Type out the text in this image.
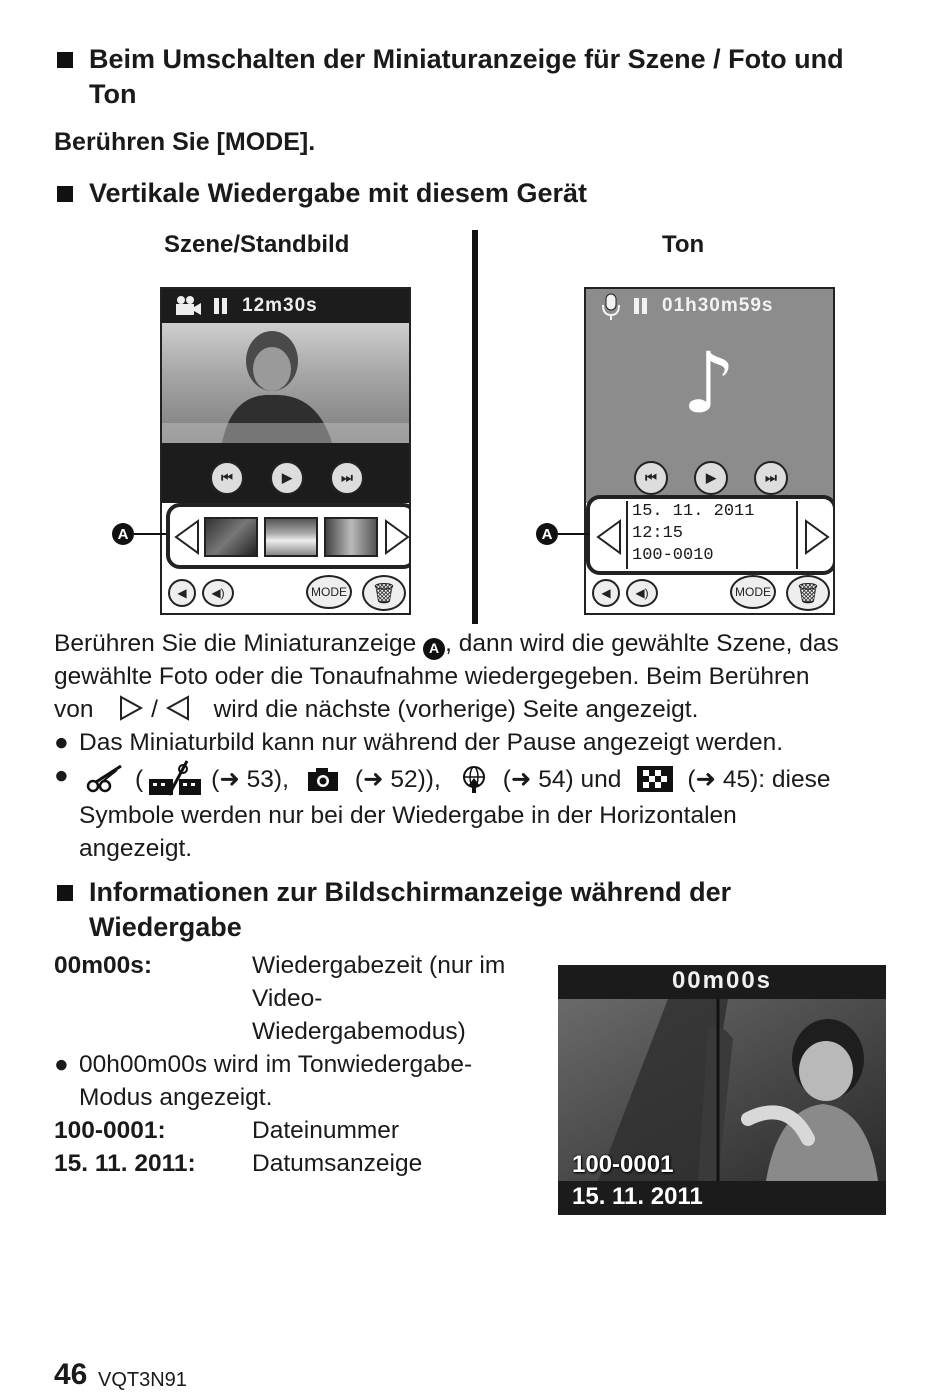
Beim Umschalten der Miniaturanzeige für Szene / Foto und
Ton
Berühren Sie [MODE].
Vertikale Wiedergabe mit diesem Gerät
Szene/Standbild	Ton
12m30s
⏮	▶	⏭
◀	◀)	MODE	🗑
A
01h30m59s
♪
⏮	▶	⏭
15. 11. 2011
12:15
100-0010
◀	◀)	MODE	🗑
A
Berühren Sie die Miniaturanzeige A , dann wird die gewählte Szene, das
gewählte Foto oder die Tonaufnahme wiedergegeben. Beim Berühren
von / wird die nächste (vorherige) Seite angezeigt.
● Das Miniaturbild kann nur während der Pause angezeigt werden.
●	(	(➜ 53),	(➜ 52)),	(➜ 54) und	(➜ 45): diese
Symbole werden nur bei der Wiedergabe in der Horizontalen
angezeigt.
Informationen zur Bildschirmanzeige während der
Wiedergabe
00m00s:	Wiedergabezeit (nur im
Video-
Wiedergabemodus)
● 00h00m00s wird im Tonwiedergabe-
Modus angezeigt.
100-0001:	Dateinummer
15. 11. 2011: Datumsanzeige
00m00s
100-0001
15. 11. 2011
46 VQT3N91
